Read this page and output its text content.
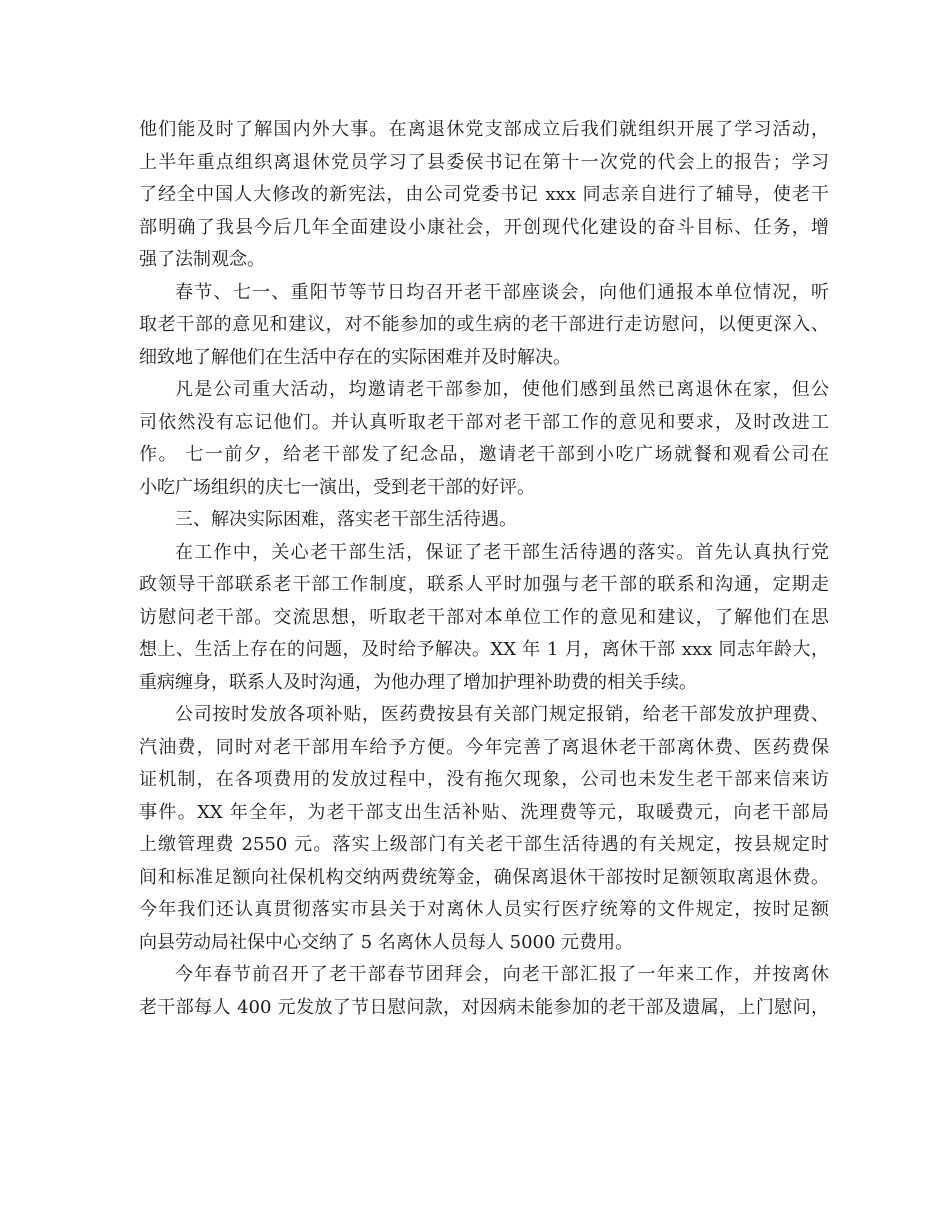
他们能及时了解国内外大事。在离退休党支部成立后我们就组织开展了学习活动，
上半年重点组织离退休党员学习了县委侯书记在第十一次党的代会上的报告；学习
了经全中国人大修改的新宪法，由公司党委书记 xxx 同志亲自进行了辅导，使老干
部明确了我县今后几年全面建设小康社会，开创现代化建设的奋斗目标、任务，增
强了法制观念。
春节、七一、重阳节等节日均召开老干部座谈会，向他们通报本单位情况，听
取老干部的意见和建议，对不能参加的或生病的老干部进行走访慰问，以便更深入、
细致地了解他们在生活中存在的实际困难并及时解决。
凡是公司重大活动，均邀请老干部参加，使他们感到虽然已离退休在家，但公
司依然没有忘记他们。并认真听取老干部对老干部工作的意见和要求，及时改进工
作。 七一前夕，给老干部发了纪念品，邀请老干部到小吃广场就餐和观看公司在
小吃广场组织的庆七一演出，受到老干部的好评。
三、解决实际困难，落实老干部生活待遇。
在工作中，关心老干部生活，保证了老干部生活待遇的落实。首先认真执行党
政领导干部联系老干部工作制度，联系人平时加强与老干部的联系和沟通，定期走
访慰问老干部。交流思想，听取老干部对本单位工作的意见和建议，了解他们在思
想上、生活上存在的问题，及时给予解决。XX 年 1 月，离休干部 xxx 同志年龄大，
重病缠身，联系人及时沟通，为他办理了增加护理补助费的相关手续。
公司按时发放各项补贴，医药费按县有关部门规定报销，给老干部发放护理费、
汽油费，同时对老干部用车给予方便。今年完善了离退休老干部离休费、医药费保
证机制，在各项费用的发放过程中，没有拖欠现象，公司也未发生老干部来信来访
事件。XX 年全年，为老干部支出生活补贴、洗理费等元，取暖费元，向老干部局
上缴管理费 2550 元。落实上级部门有关老干部生活待遇的有关规定，按县规定时
间和标准足额向社保机构交纳两费统筹金，确保离退休干部按时足额领取离退休费。
今年我们还认真贯彻落实市县关于对离休人员实行医疗统筹的文件规定，按时足额
向县劳动局社保中心交纳了 5 名离休人员每人 5000 元费用。
今年春节前召开了老干部春节团拜会，向老干部汇报了一年来工作，并按离休
老干部每人 400 元发放了节日慰问款，对因病未能参加的老干部及遗属，上门慰问，
